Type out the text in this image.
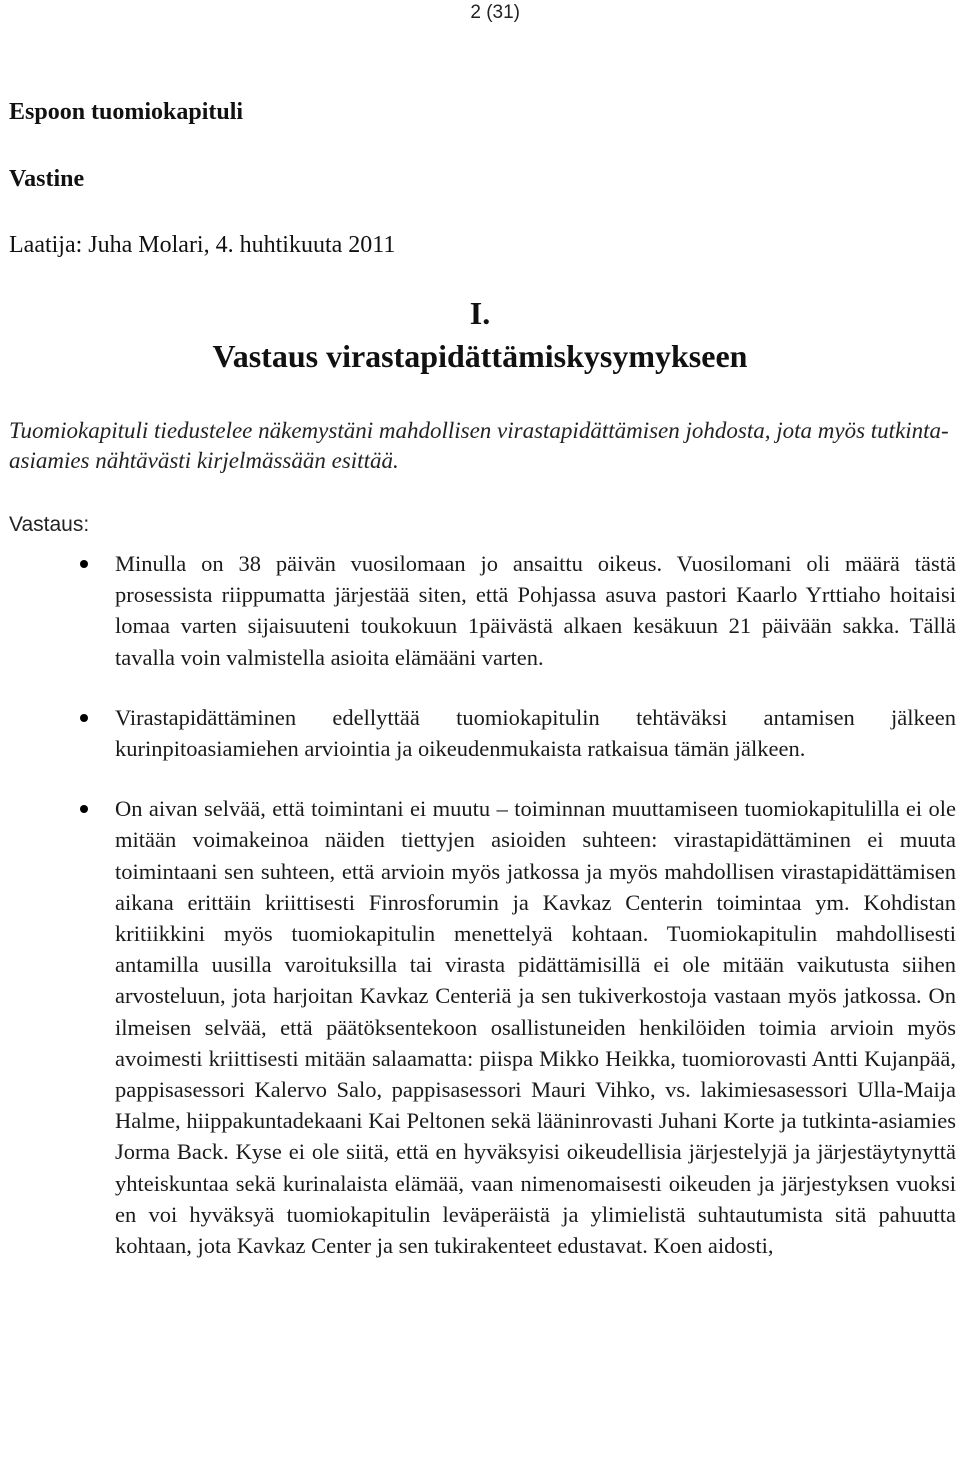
2 (31)
Espoon tuomiokapituli
Vastine
Laatija: Juha Molari, 4. huhtikuuta 2011
I.
Vastaus virastapidättämiskysymykseen

Tuomiokapituli tiedustelee näkemystäni mahdollisen virastapidättämisen johdosta, jota myös tutkinta-asiamies nähtävästi kirjelmässään esittää.

Vastaus:
Minulla on 38 päivän vuosilomaan jo ansaittu oikeus. Vuosilomani oli määrä tästä prosessista riippumatta järjestää siten, että Pohjassa asuva pastori Kaarlo Yrttiaho hoitaisi lomaa varten sijaisuuteni toukokuun 1päivästä alkaen kesäkuun 21 päivään sakka. Tällä tavalla voin valmistella asioita elämääni varten.
Virastapidättäminen edellyttää tuomiokapitulin tehtäväksi antamisen jälkeen kurinpitoasiamiehen arviointia ja oikeudenmukaista ratkaisua tämän jälkeen.
On aivan selvää, että toimintani ei muutu – toiminnan muuttamiseen tuomiokapitulilla ei ole mitään voimakeinoa näiden tiettyjen asioiden suhteen: virastapidättäminen ei muuta toimintaani sen suhteen, että arvioin myös jatkossa ja myös mahdollisen virastapidättämisen aikana erittäin kriittisesti Finrosforumin ja Kavkaz Centerin toimintaa ym. Kohdistan kritiikkini myös tuomiokapitulin menettelyä kohtaan. Tuomiokapitulin mahdollisesti antamilla uusilla varoituksilla tai virasta pidättämisillä ei ole mitään vaikutusta siihen arvosteluun, jota harjoitan Kavkaz Centeriä ja sen tukiverkostoja vastaan myös jatkossa. On ilmeisen selvää, että päätöksentekoon osallistuneiden henkilöiden toimia arvioin myös avoimesti kriittisesti mitään salaamatta: piispa Mikko Heikka, tuomiorovasti Antti Kujanpää, pappisasessori Kalervo Salo, pappisasessori Mauri Vihko, vs. lakimiesasessori Ulla-Maija Halme, hiippakuntadekaani Kai Peltonen sekä lääninrovasti Juhani Korte ja tutkinta-asiamies Jorma Back. Kyse ei ole siitä, että en hyväksyisi oikeudellisia järjestelyjä ja järjestäytynyttä yhteiskuntaa sekä kurinalaista elämää, vaan nimenomaisesti oikeuden ja järjestyksen vuoksi en voi hyväksyä tuomiokapitulin leväperäistä ja ylimielistä suhtautumista sitä pahuutta kohtaan, jota Kavkaz Center ja sen tukirakenteet edustavat. Koen aidosti,
